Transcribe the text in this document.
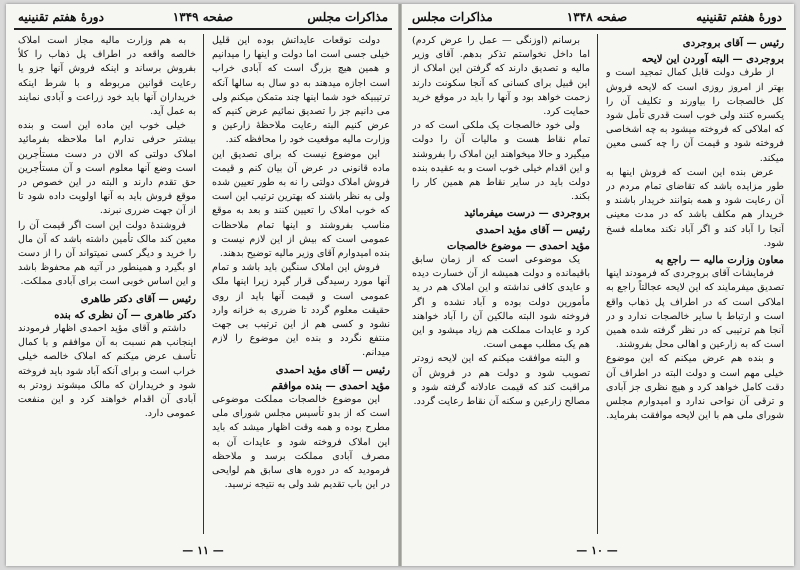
مذاکرات مجلس
صفحه ۱۳۴۹
دورهٔ هفتم تقنینیه

دولت توقعات عایداتش بوده این قلیل خیلی جسی است اما دولت و اینها را میدانیم و همین هیچ بزرگ است که آبادی خراب است اجازه میدهند به دو سال به سالها آنکه ترتیبیکه خود شما اینها چند متمکن میکنم ولی می دانیم جز را تصدیق نمائیم عرض کنیم که عرض کنیم البته رعایت ملاحظهٔ زارعین و وزارت مالیه موقعیت خود را محافظه کند.

این موضوع نیست که برای تصدیق این ماده قانونی در عرض آن بیان کنم و قیمت فروش املاک دولتی را نه به طور تعیین شده ولی به نظر باشند که بهترین ترتیب این است که خوب املاک را تعیین کنند و بعد به موقع مناسب بفروشند و اینها تمام ملاحظات عمومی است که بیش از این لازم نیست و بنده امیدوارم آقای وزیر مالیه توضیح بدهند.

فروش این املاک سنگین باید باشد و تمام آنها مورد رسیدگی قرار گیرد زیرا اینها ملک عمومی است و قیمت آنها باید از روی حقیقت معلوم گردد تا ضرری به خزانه وارد نشود و کسی هم از این ترتیب بی جهت منتفع نگردد و بنده این موضوع را لازم میدانم.

رئیس — آقای مؤید احمدی

مؤید احمدی — بنده موافقم

این موضوع خالصجات مملکت موضوعی است که از بدو تأسیس مجلس شورای ملی مطرح بوده و همه وقت اظهار میشد که باید این املاک فروخته شود و عایدات آن به مصرف آبادی مملکت برسد و ملاحظه فرمودید که در دوره های سابق هم لوایحی در این باب تقدیم شد ولی به نتیجه نرسید.

به هم وزارت مالیه مجاز است املاک خالصه واقعه در اطراف پل ذهاب را کلاً بفروش برساند و اینکه فروش آنها جزو یا رعایت قوانین مربوطه و با شرط اینکه خریداران آنها باید خود زراعت و آبادی نمایند به عمل آید.

خیلی خوب این ماده این است و بنده بیشتر حرفی ندارم اما ملاحظه بفرمائید املاک دولتی که الان در دست مستأجرین است وضع آنها معلوم است و آن مستأجرین حق تقدم دارند و البته در این خصوص در موقع فروش باید به آنها اولویت داده شود تا از آن جهت ضرری نبرند.

فروشندهٔ دولت این است اگر قیمت آن را معین کند مالک تأمین داشته باشد که آن مال را خرید و دیگر کسی نمیتواند آن را از دست او بگیرد و همینطور در آتیه هم محفوظ باشد و این اساس خوبی است برای آبادی مملکت.

رئیس — آقای دکتر طاهری

دکتر طاهری — آن نظری که بنده

داشتم و آقای مؤید احمدی اظهار فرمودند اینجانب هم نسبت به آن موافقم و با کمال تأسف عرض میکنم که املاک خالصه خیلی خراب است و برای آنکه آباد شود باید فروخته شود و خریداران که مالک میشوند زودتر به آبادی آن اقدام خواهند کرد و این منفعت عمومی دارد.

— ۱۱ —
دورهٔ هفتم تقنینیه
صفحه ۱۳۴۸
مذاکرات مجلس

رئیس — آقای بروجردی

بروجردی — البته آوردن این لایحه

از طرف دولت قابل کمال تمجید است و بهتر از امروز روزی است که لایحه فروش کل خالصجات را بیاورند و تکلیف آن را یکسره کنند ولی خوب است قدری تأمل شود که املاکی که فروخته میشود به چه اشخاصی فروخته شود و قیمت آن را چه کسی معین میکند.

عرض بنده این است که فروش اینها به طور مزایده باشد که تقاضای تمام مردم در آن رعایت شود و همه بتوانند خریدار باشند و خریدار هم مکلف باشد که در مدت معینی آنجا را آباد کند و اگر آباد نکند معامله فسخ شود.

معاون وزارت مالیه — راجع به

فرمایشات آقای بروجردی که فرمودند اینها تصدیق میفرمایند که این لایحه عجالتاً راجع به املاکی است که در اطراف پل ذهاب واقع است و ارتباط با سایر خالصجات ندارد و در آنجا هم ترتیبی که در نظر گرفته شده همین است که به زارعین و اهالی محل بفروشند.

و بنده هم عرض میکنم که این موضوع خیلی مهم است و دولت البته در اطراف آن دقت کامل خواهد کرد و هیچ نظری جز آبادی و ترقی آن نواحی ندارد و امیدوارم مجلس شورای ملی هم با این لایحه موافقت بفرماید.

برسانم (اوزنگی — عمل را عرض کردم) اما داخل نخواستم تذکر بدهم. آقای وزیر مالیه و تصدیق دارند که گرفتن این املاک از این قبیل برای کسانی که آنجا سکونت دارند زحمت خواهد بود و آنها را باید در موقع خرید حمایت کرد.

ولی خود خالصجات یک ملکی است که در تمام نقاط هست و مالیات آن را دولت میگیرد و حالا میخواهند این املاک را بفروشند و این اقدام خیلی خوب است و به عقیده بنده دولت باید در سایر نقاط هم همین کار را بکند.

بروجردی — درست میفرمائید

رئیس — آقای مؤید احمدی

مؤید احمدی — موضوع خالصجات

یک موضوعی است که از زمان سابق باقیمانده و دولت همیشه از آن خسارت دیده و عایدی کافی نداشته و این املاک هم در ید مأمورین دولت بوده و آباد نشده و اگر فروخته شود البته مالکین آن را آباد خواهند کرد و عایدات مملکت هم زیاد میشود و این هم یک مطلب مهمی است.

و البته موافقت میکنم که این لایحه زودتر تصویب شود و دولت هم در فروش آن مراقبت کند که قیمت عادلانه گرفته شود و مصالح زارعین و سکنه آن نقاط رعایت گردد.

— ۱۰ —
